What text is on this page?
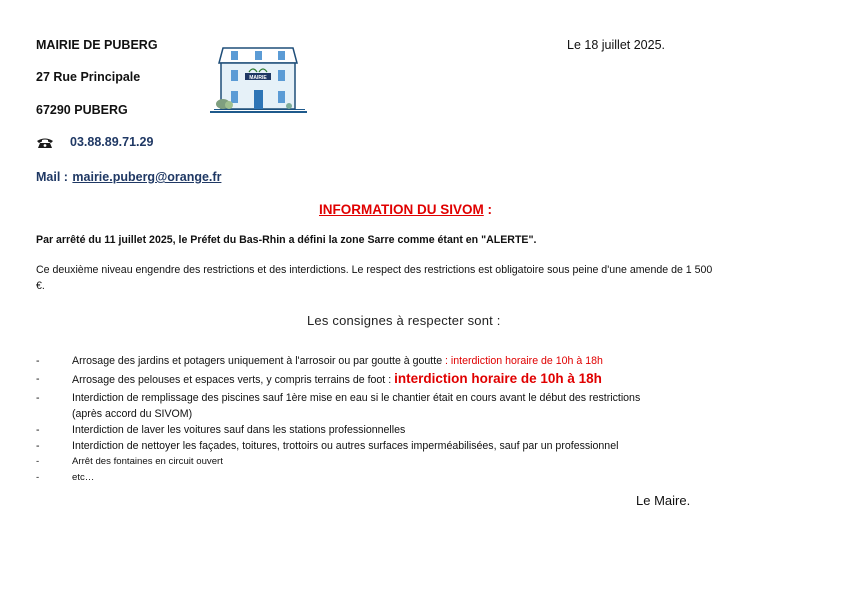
MAIRIE DE PUBERG
27 Rue Principale
67290 PUBERG
03.88.89.71.29
Mail : mairie.puberg@orange.fr
MAIRIE
Le 18 juillet 2025.
INFORMATION DU SIVOM :
Par arrêté du 11 juillet 2025, le Préfet du Bas-Rhin a défini la zone Sarre comme étant en "ALERTE".
Ce deuxième niveau engendre des restrictions et des interdictions. Le respect des restrictions est obligatoire sous peine d'une amende de 1 500 €.
Les consignes à respecter sont :
-	Arrosage des jardins et potagers uniquement à l'arrosoir ou par goutte à goutte : interdiction horaire de 10h à 18h
-	Arrosage des pelouses et espaces verts, y compris terrains de foot : interdiction horaire de 10h à 18h
-	Interdiction de remplissage des piscines sauf 1ère mise en eau si le chantier était en cours avant le début des restrictions
(après accord du SIVOM)
-	Interdiction de laver les voitures sauf dans les stations professionnelles
-	Interdiction de nettoyer les façades, toitures, trottoirs ou autres surfaces imperméabilisées, sauf par un professionnel
-	Arrêt des fontaines en circuit ouvert
-	etc…
Le Maire.
